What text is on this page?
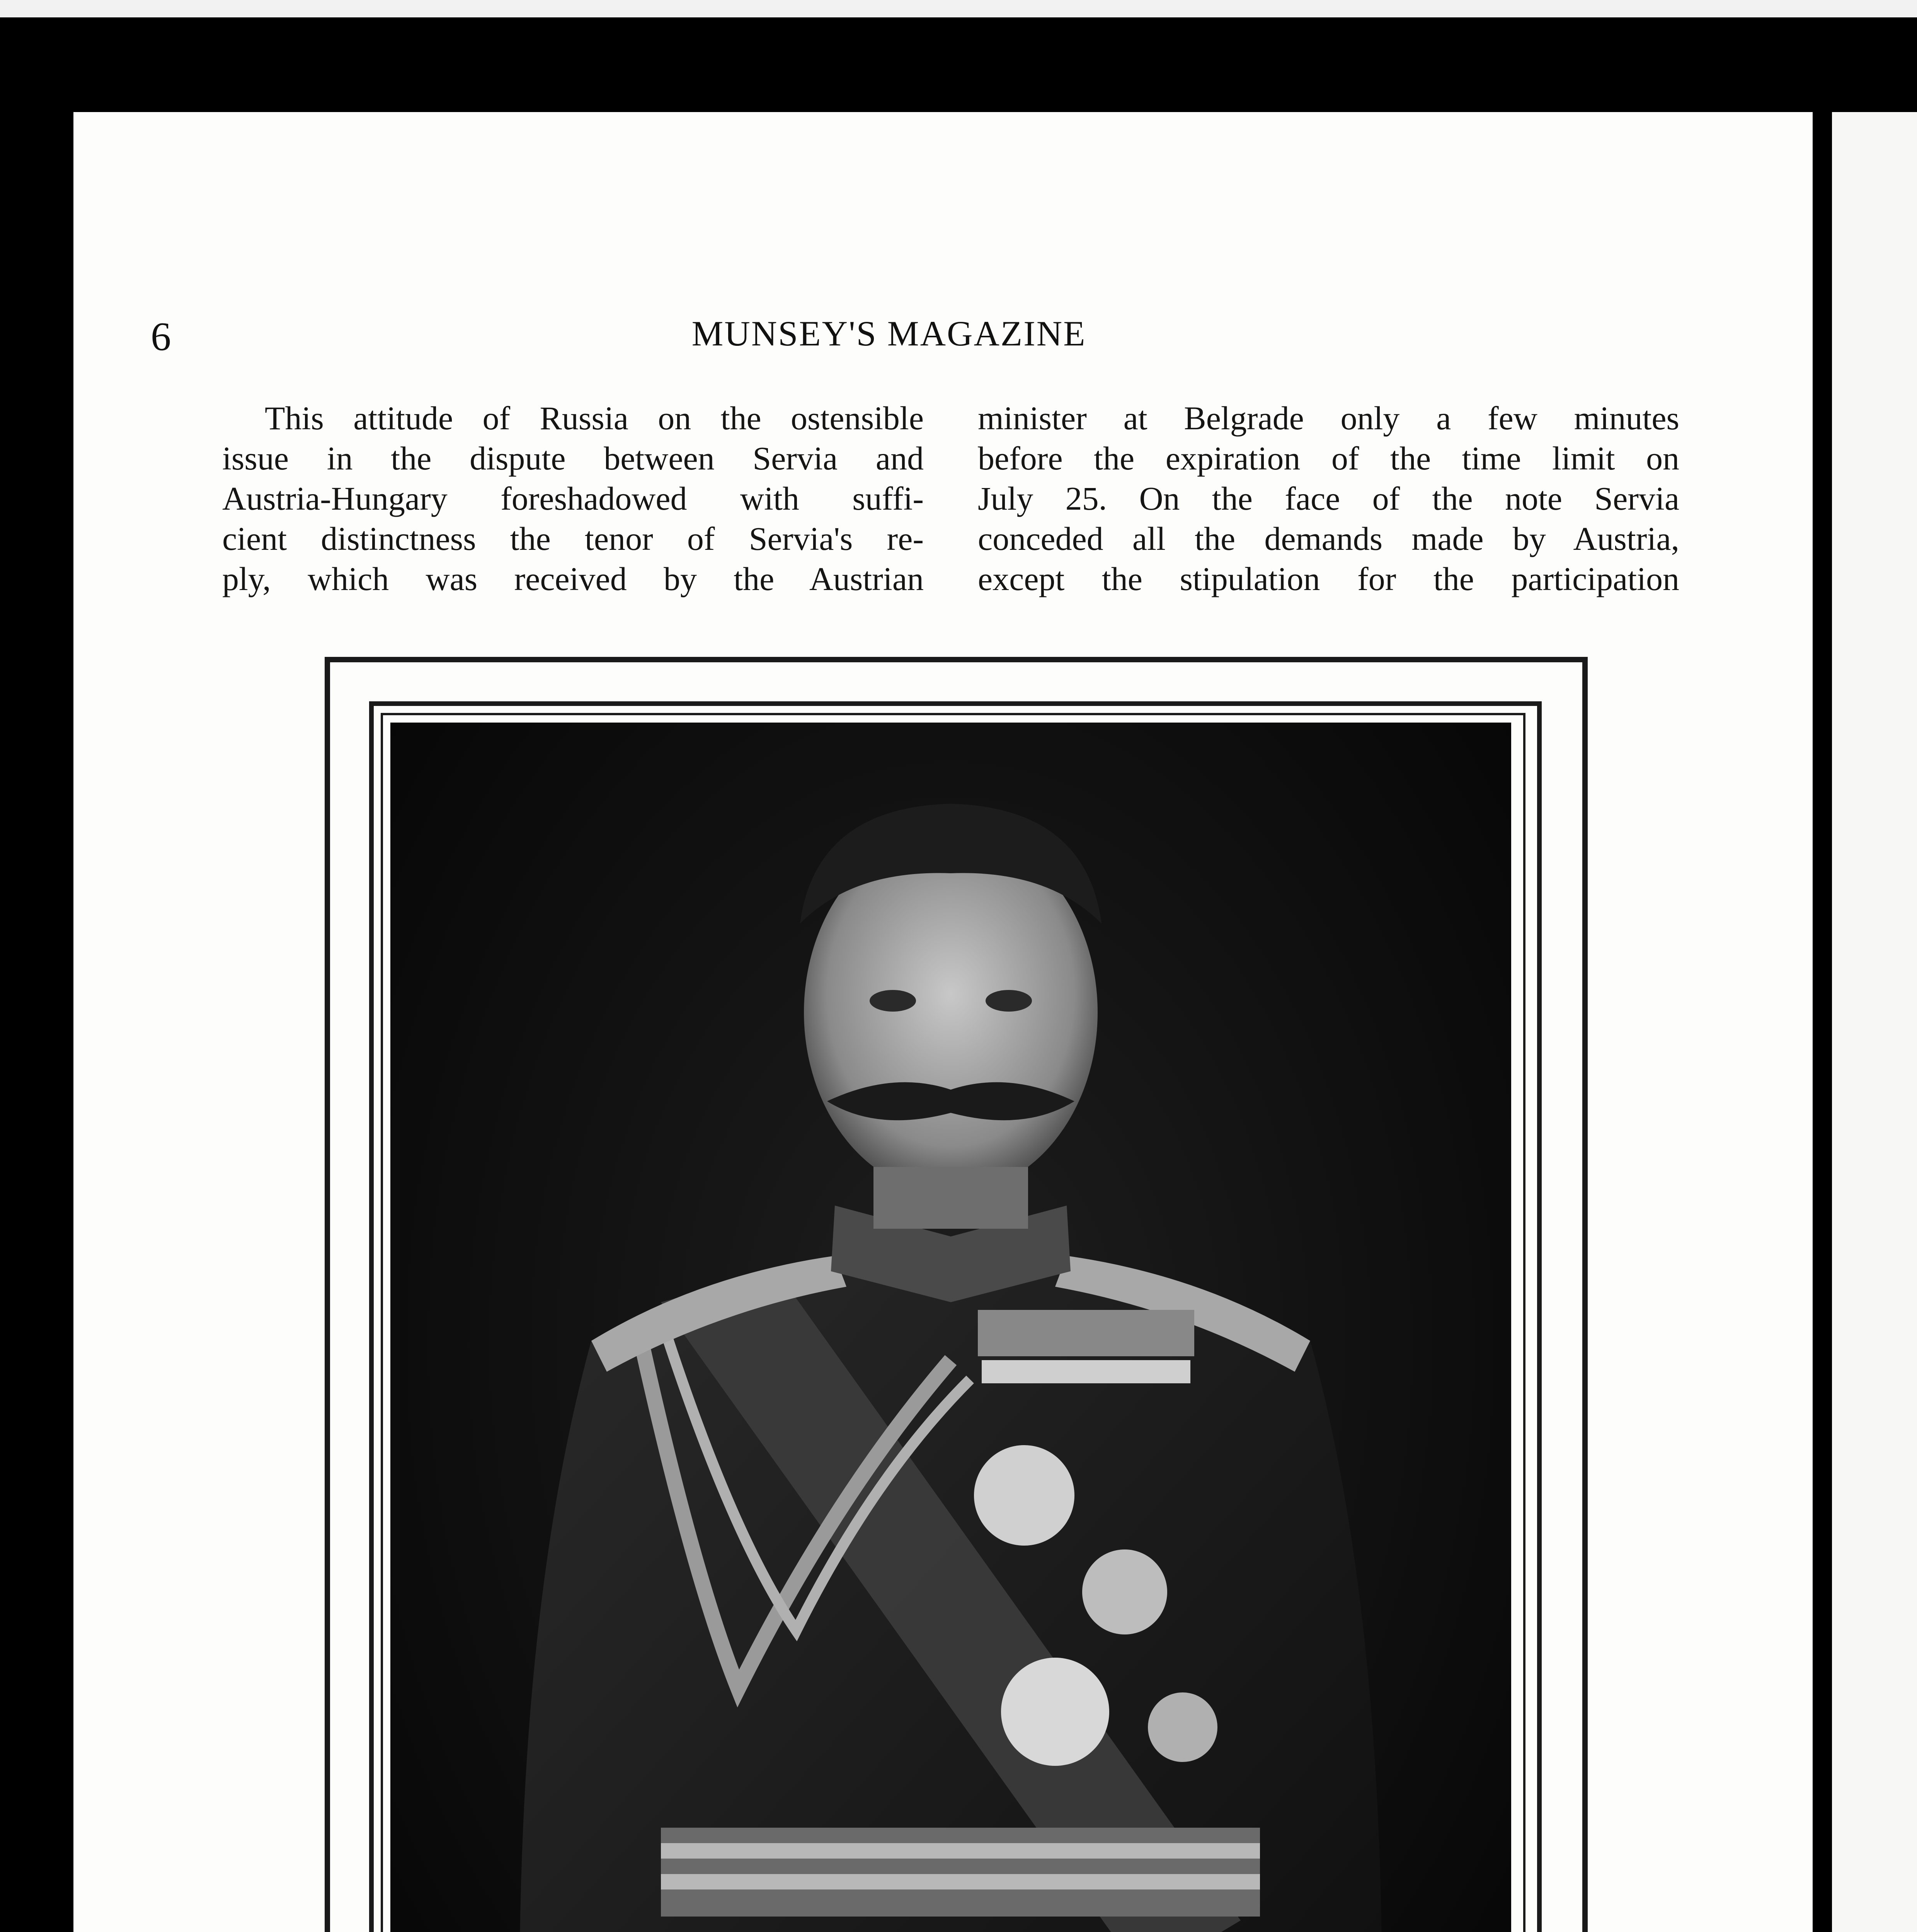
6	MUNSEY'S MAGAZINE
This attitude of Russia on the ostensible
issue in the dispute between Servia and
Austria-Hungary foreshadowed with suffi-
cient distinctness the tenor of Servia's re-
ply, which was received by the Austrian
minister at Belgrade only a few minutes
before the expiration of the time limit on
July 25. On the face of the note Servia
conceded all the demands made by Austria,
except the stipulation for the participation
